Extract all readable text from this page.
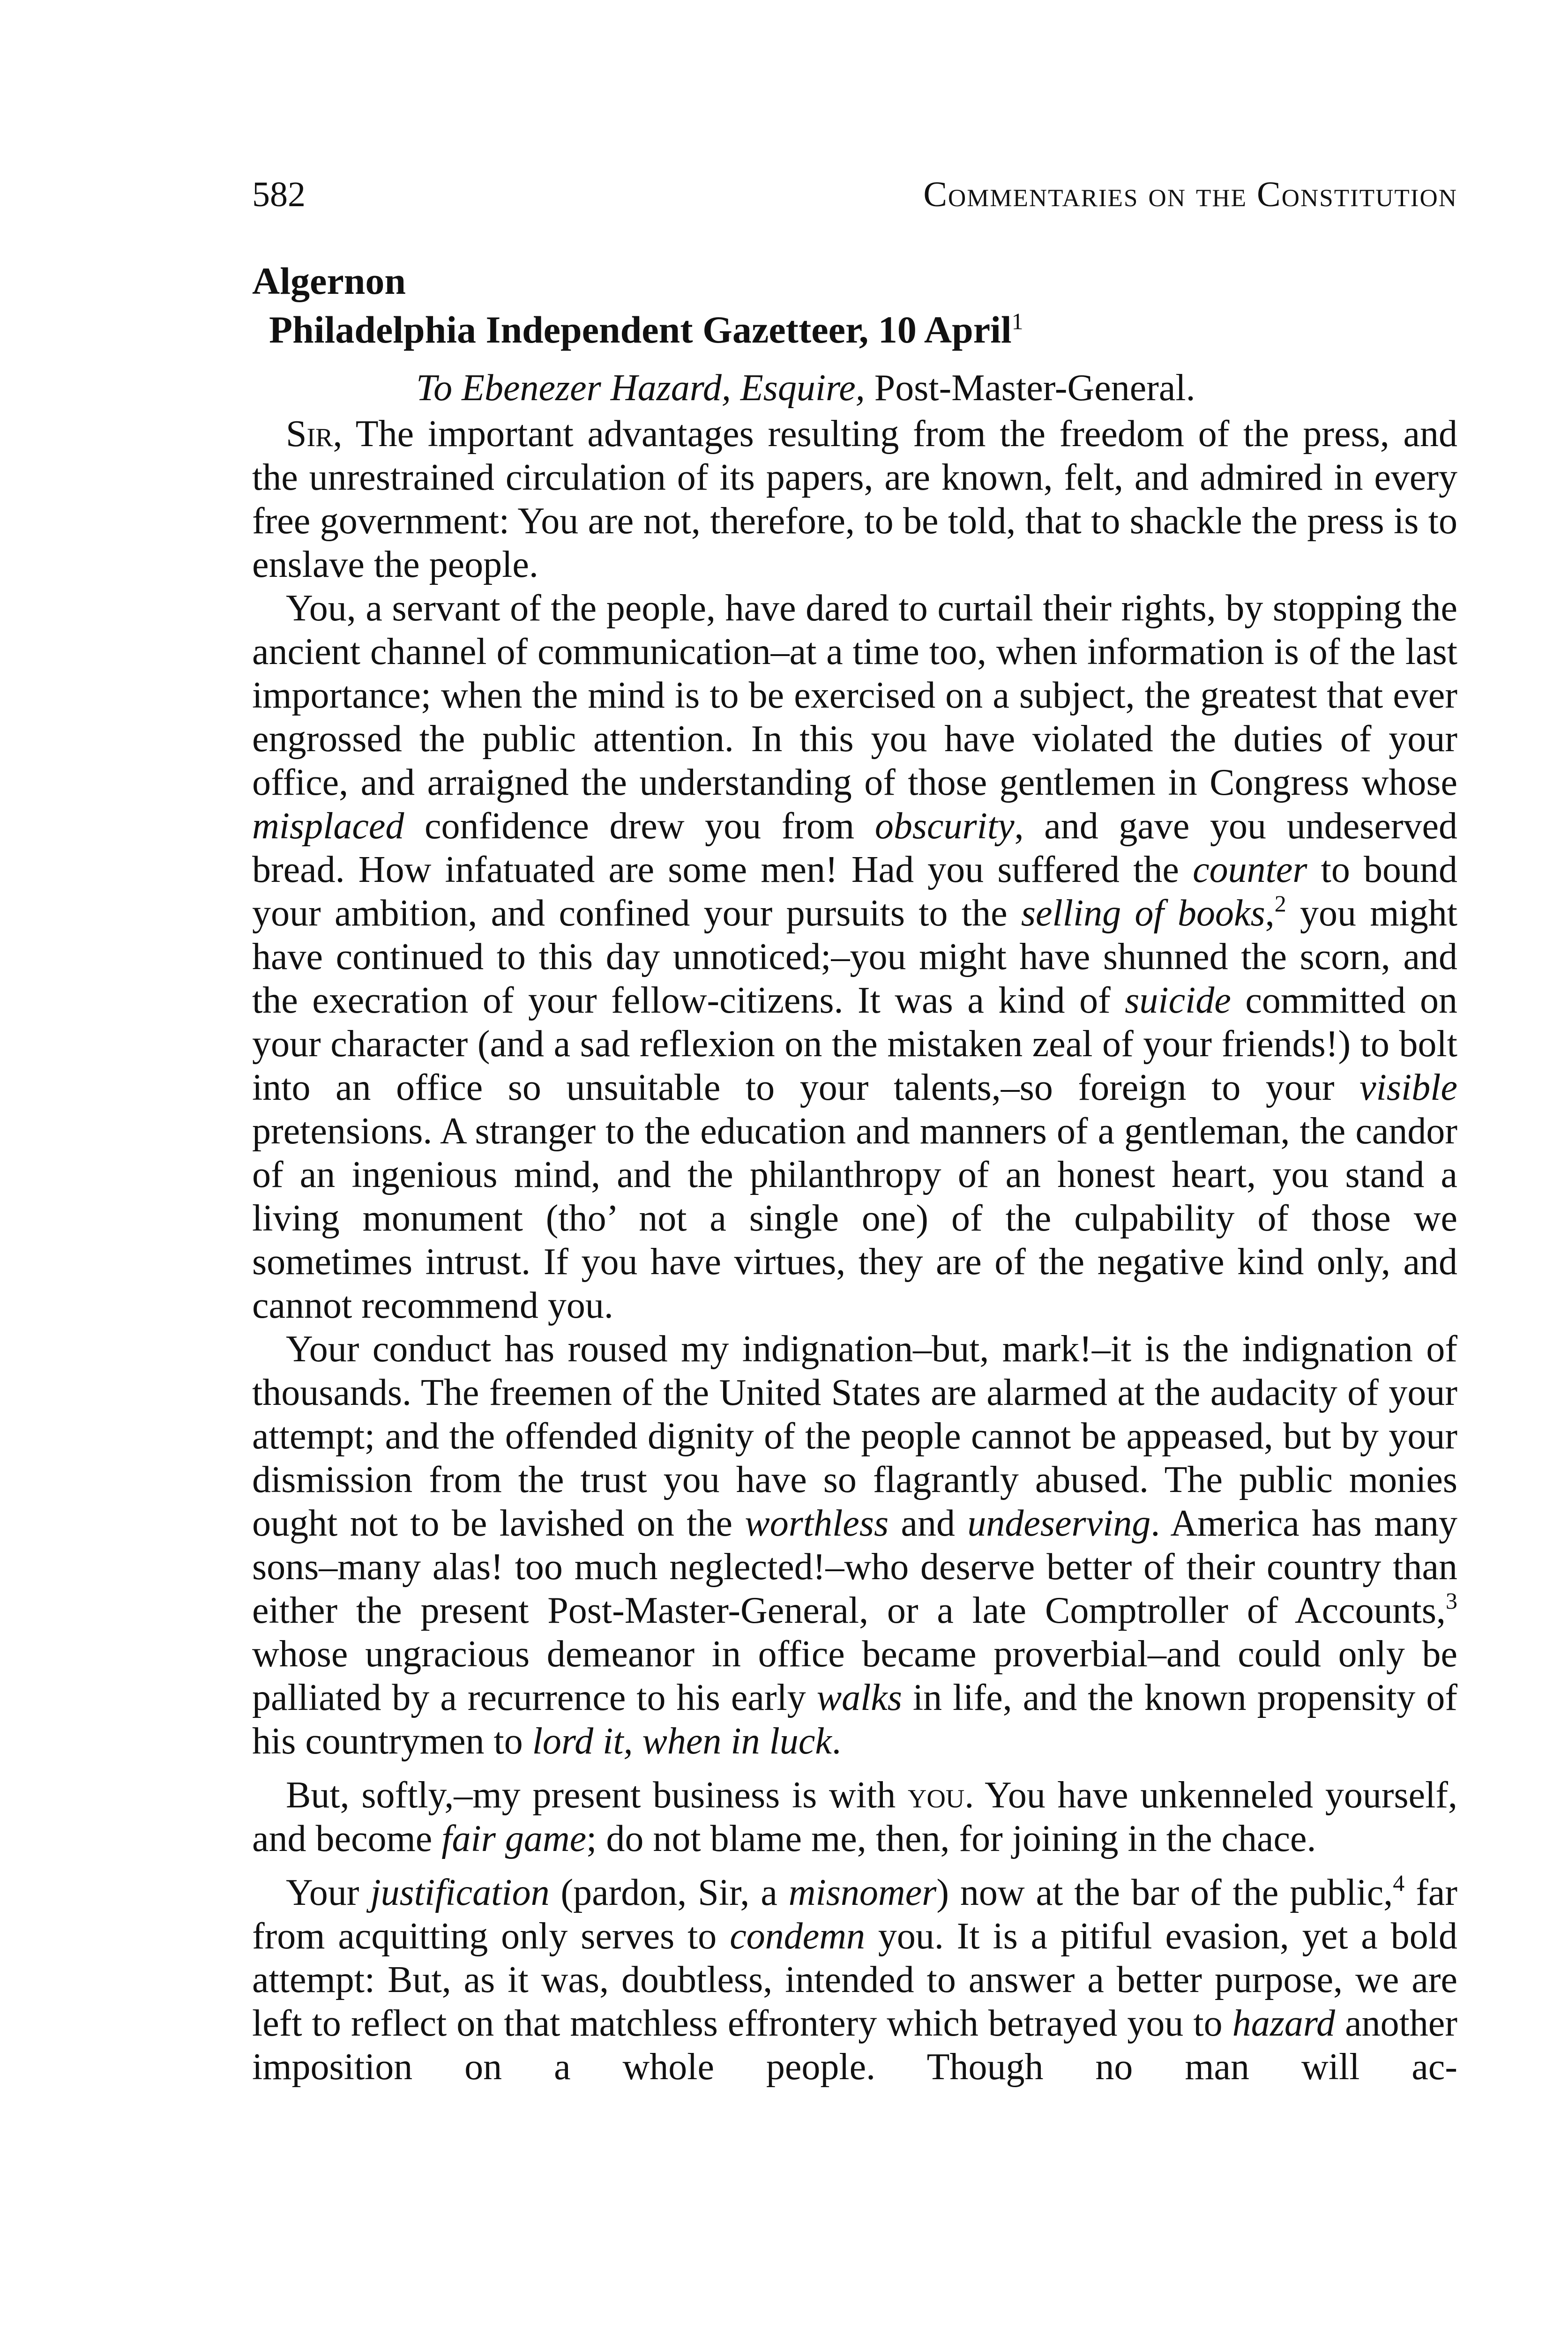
582	Commentaries on the Constitution
Algernon
Philadelphia Independent Gazetteer, 10 April$^1$
To Ebenezer Hazard, Esquire, Post-Master-General.

Sir, The important advantages resulting from the freedom of the press, and the unrestrained circulation of its papers, are known, felt, and admired in every free government: You are not, therefore, to be told, that to shackle the press is to enslave the people.

You, a servant of the people, have dared to curtail their rights, by stopping the ancient channel of communication–at a time too, when information is of the last importance; when the mind is to be exercised on a subject, the greatest that ever engrossed the public attention. In this you have violated the duties of your office, and arraigned the understanding of those gentlemen in Congress whose misplaced confidence drew you from obscurity, and gave you undeserved bread. How infatuated are some men! Had you suffered the counter to bound your ambition, and confined your pursuits to the selling of books,$^2$ you might have continued to this day unnoticed;–you might have shunned the scorn, and the execration of your fellow-citizens. It was a kind of suicide committed on your character (and a sad reflexion on the mistaken zeal of your friends!) to bolt into an office so unsuitable to your talents,–so foreign to your visible pretensions. A stranger to the education and manners of a gentleman, the candor of an ingenious mind, and the philanthropy of an honest heart, you stand a living monument (tho’ not a single one) of the culpability of those we sometimes intrust. If you have virtues, they are of the negative kind only, and cannot recommend you.

Your conduct has roused my indignation–but, mark!–it is the indignation of thousands. The freemen of the United States are alarmed at the audacity of your attempt; and the offended dignity of the people cannot be appeased, but by your dismission from the trust you have so flagrantly abused. The public monies ought not to be lavished on the worthless and undeserving. America has many sons–many alas! too much neglected!–who deserve better of their country than either the present Post-Master-General, or a late Comptroller of Accounts,$^3$ whose ungracious demeanor in office became proverbial–and could only be palliated by a recurrence to his early walks in life, and the known propensity of his countrymen to lord it, when in luck.

But, softly,–my present business is with you. You have unkenneled yourself, and become fair game; do not blame me, then, for joining in the chace.

Your justification (pardon, Sir, a misnomer) now at the bar of the public,$^4$ far from acquitting only serves to condemn you. It is a pitiful evasion, yet a bold attempt: But, as it was, doubtless, intended to answer a better purpose, we are left to reflect on that matchless effrontery which betrayed you to hazard another imposition on a whole people. Though no man will ac-
